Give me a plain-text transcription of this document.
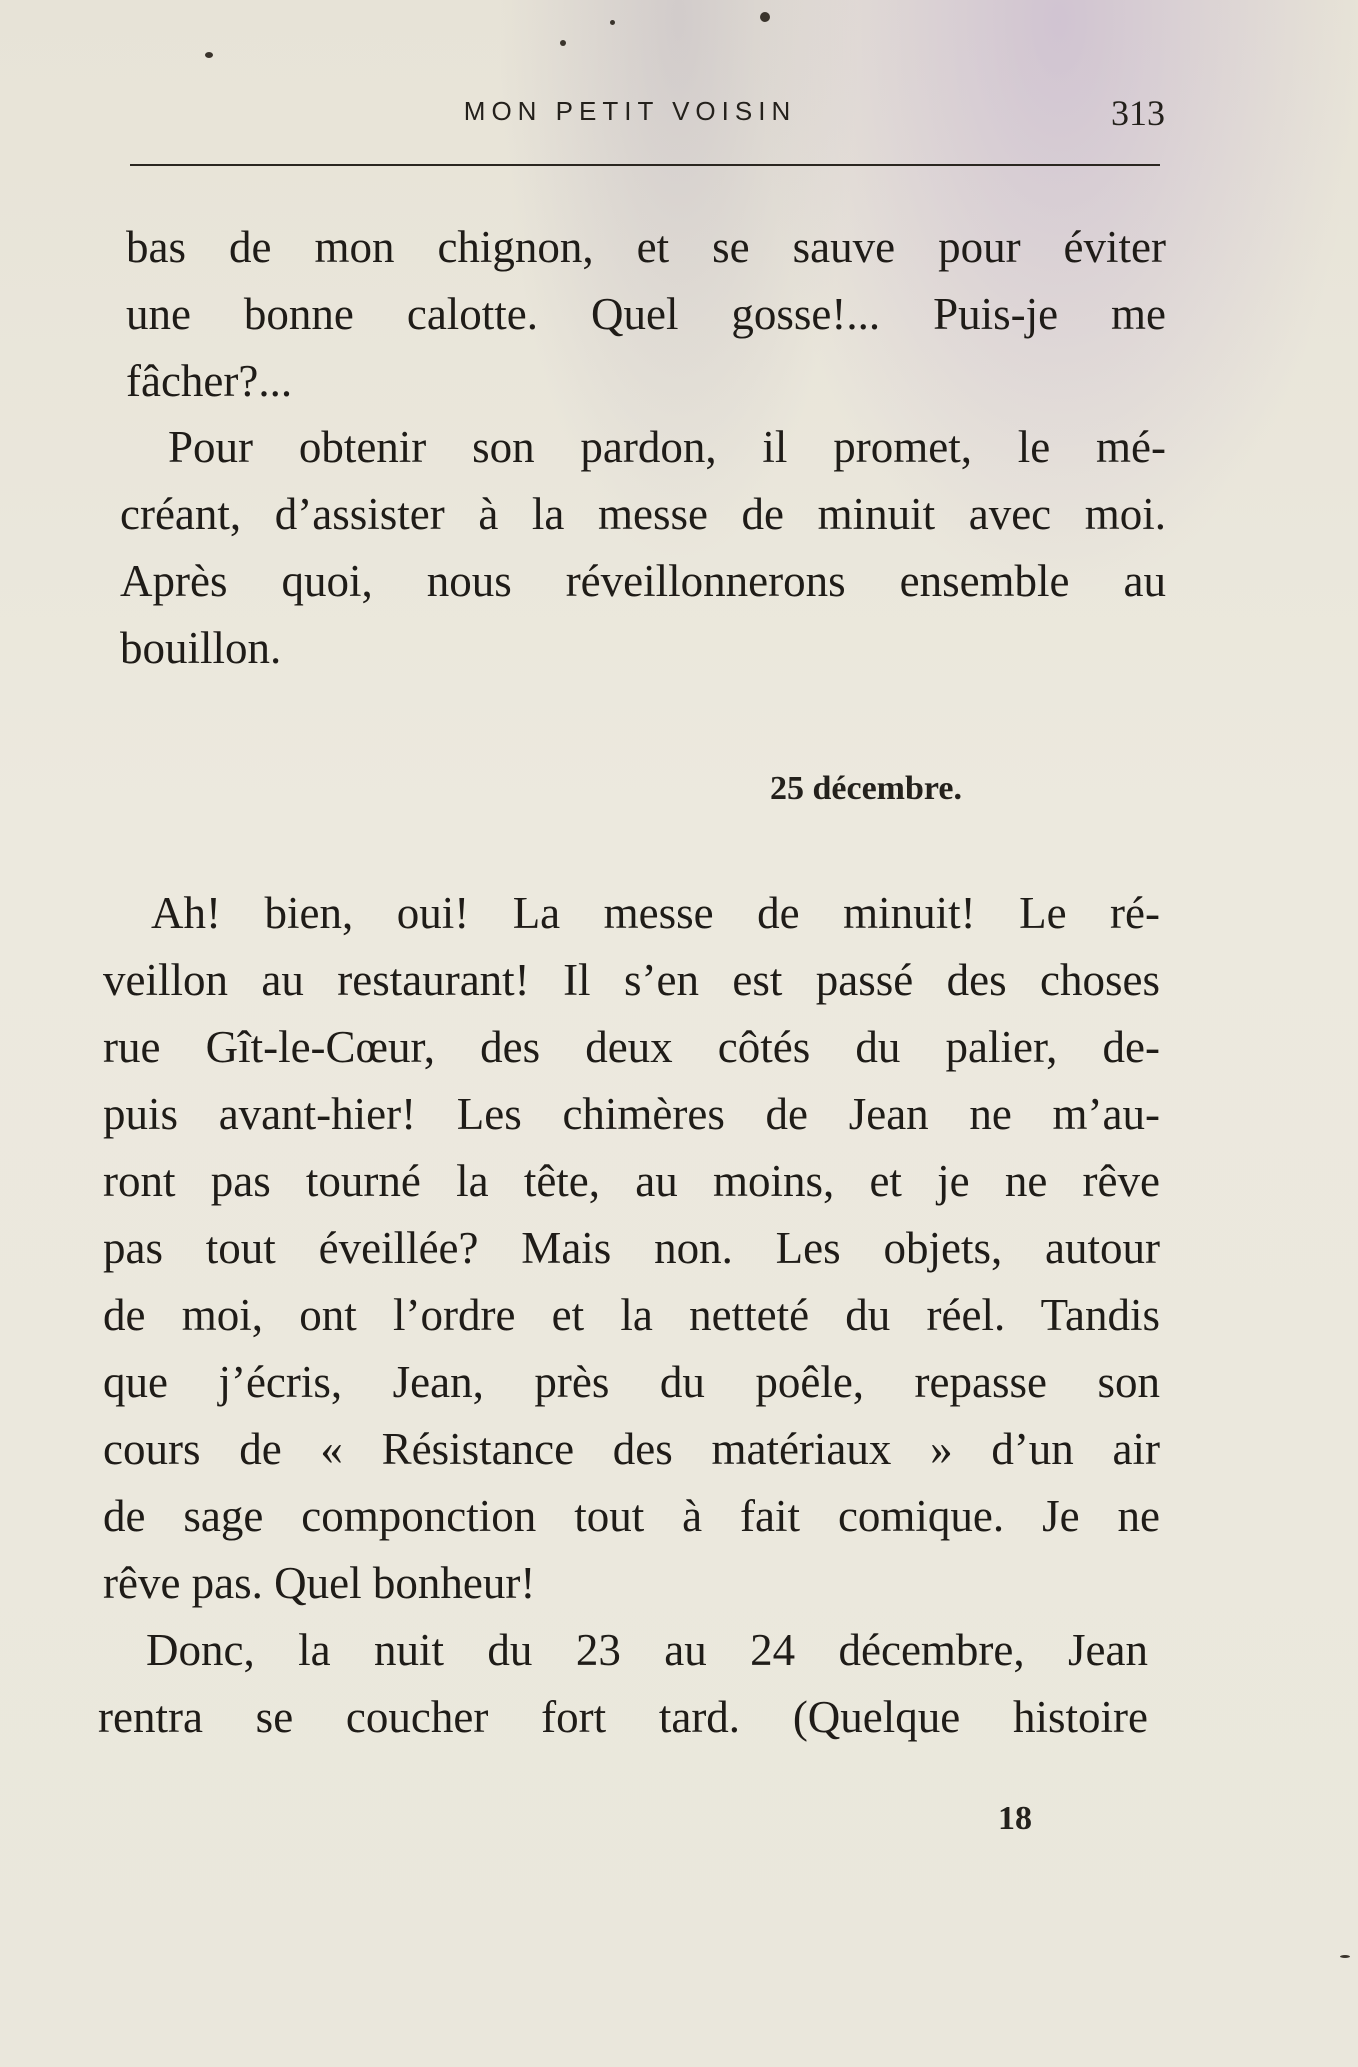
MON PETIT VOISIN	313
bas de mon chignon, et se sauve pour éviter
une bonne calotte. Quel gosse!... Puis-je me
fâcher?...
Pour obtenir son pardon, il promet, le mé-
créant, d’assister à la messe de minuit avec moi.
Après quoi, nous réveillonnerons ensemble au
bouillon.
25 décembre.
Ah! bien, oui! La messe de minuit! Le ré-
veillon au restaurant! Il s’en est passé des choses
rue Gît-le-Cœur, des deux côtés du palier, de-
puis avant-hier! Les chimères de Jean ne m’au-
ront pas tourné la tête, au moins, et je ne rêve
pas tout éveillée? Mais non. Les objets, autour
de moi, ont l’ordre et la netteté du réel. Tandis
que j’écris, Jean, près du poêle, repasse son
cours de « Résistance des matériaux » d’un air
de sage componction tout à fait comique. Je ne
rêve pas. Quel bonheur!
Donc, la nuit du 23 au 24 décembre, Jean
rentra se coucher fort tard. (Quelque histoire
18
